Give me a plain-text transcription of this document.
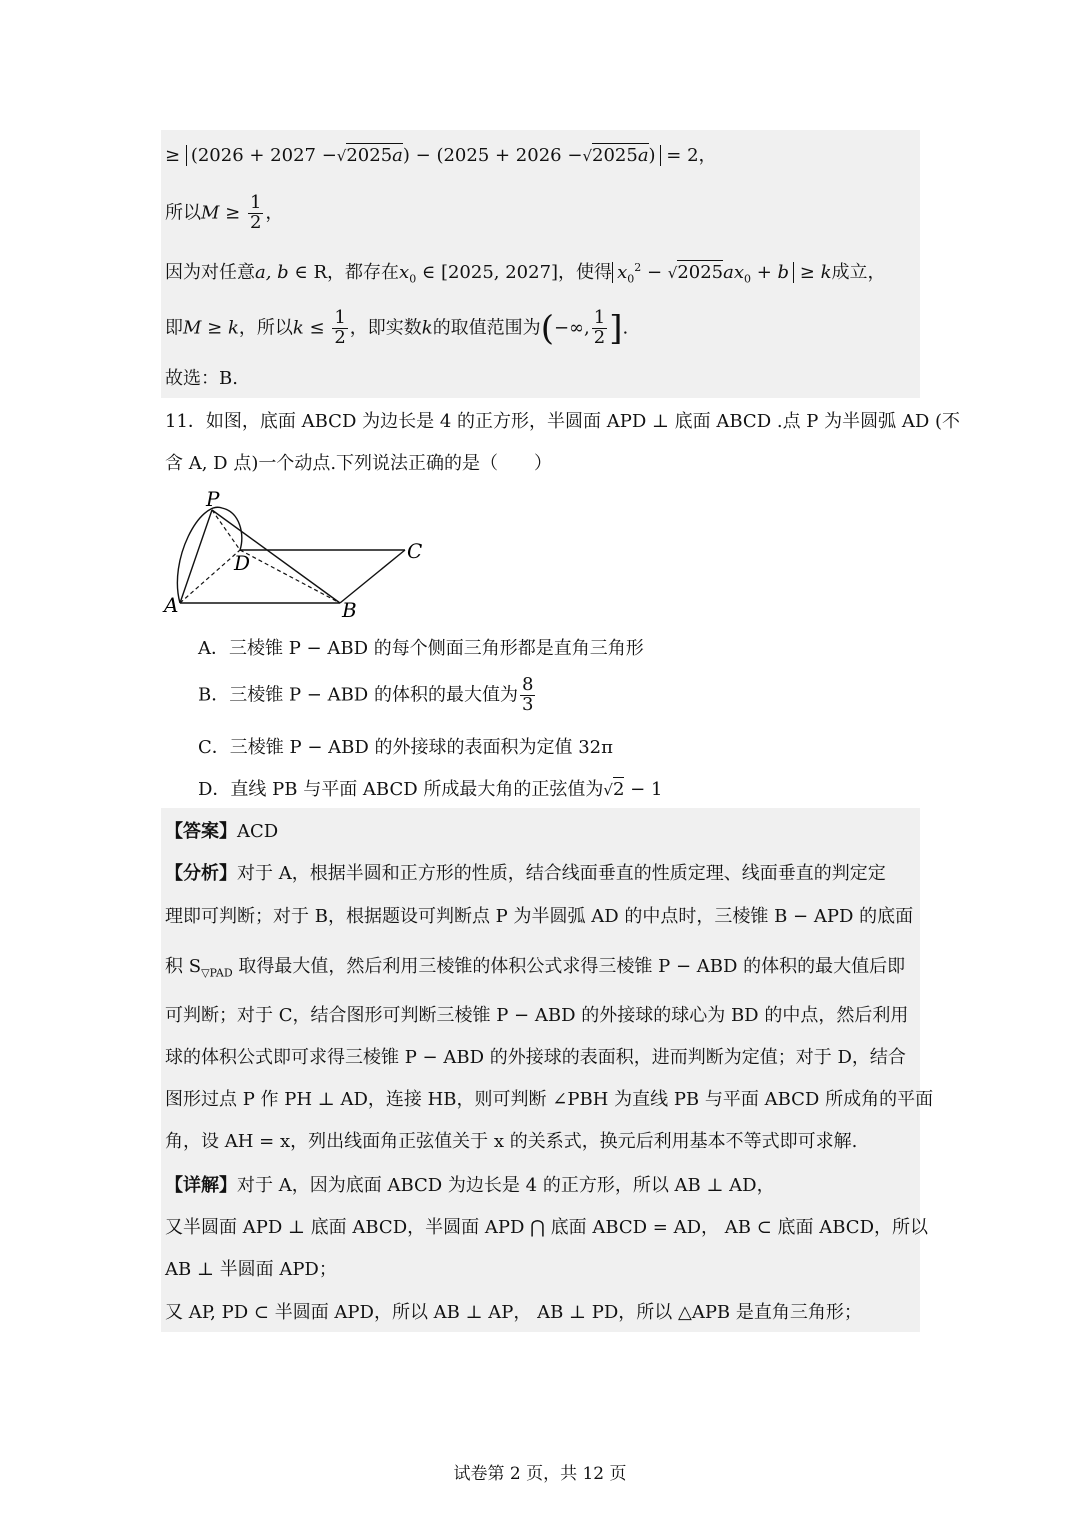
≥ (2026 + 2027 −√2025a) − (2025 + 2026 −√2025a) = 2，
所以$M \ge \frac{1}{2}$ ，
因为对任意a, b ∈ R，都存在$x_0$ ∈ [2025, 2027]，使得 $x_0^2 - √2025ax_0 + b \ge k$成立，
即M ≥ k，所以$k \le \frac{1}{2}$ ，即实数k的取值范围为(−∞, $\frac{1}{2}$ ].
故选：B.
11．如图，底面 ABCD 为边长是 4 的正方形，半圆面 APD ⊥ 底面 ABCD .点 P 为半圆弧 AD (不
含 A, D 点)一个动点.下列说法正确的是（　　）
P
D	C
A	B
A．三棱锥 P − ABD 的每个侧面三角形都是直角三角形
B．三棱锥 P − ABD 的体积的最大值为 $\frac{8}{3}$
C．三棱锥 P − ABD 的外接球的表面积为定值 32π
D．直线 PB 与平面 ABCD 所成最大角的正弦值为√2 − 1
【答案】ACD
【分析】对于 A，根据半圆和正方形的性质，结合线面垂直的性质定理、线面垂直的判定定
理即可判断；对于 B，根据题设可判断点 P 为半圆弧 AD 的中点时，三棱锥 B − APD 的底面
积 $S_{▽PAD}$ 取得最大值，然后利用三棱锥的体积公式求得三棱锥 P − ABD 的体积的最大值后即
可判断；对于 C，结合图形可判断三棱锥 P − ABD 的外接球的球心为 BD 的中点，然后利用
球的体积公式即可求得三棱锥 P − ABD 的外接球的表面积，进而判断为定值；对于 D，结合
图形过点 P 作 PH ⊥ AD，连接 HB，则可判断 ∠PBH 为直线 PB 与平面 ABCD 所成角的平面
角，设 AH = x，列出线面角正弦值关于 x 的关系式，换元后利用基本不等式即可求解.
【详解】对于 A，因为底面 ABCD 为边长是 4 的正方形，所以 AB ⊥ AD，
又半圆面 APD ⊥ 底面 ABCD，半圆面 APD ⋂ 底面 ABCD = AD， AB ⊂ 底面 ABCD，所以
AB ⊥ 半圆面 APD；
又 AP, PD ⊂ 半圆面 APD，所以 AB ⊥ AP， AB ⊥ PD，所以 △APB 是直角三角形；
试卷第 2 页，共 12 页
